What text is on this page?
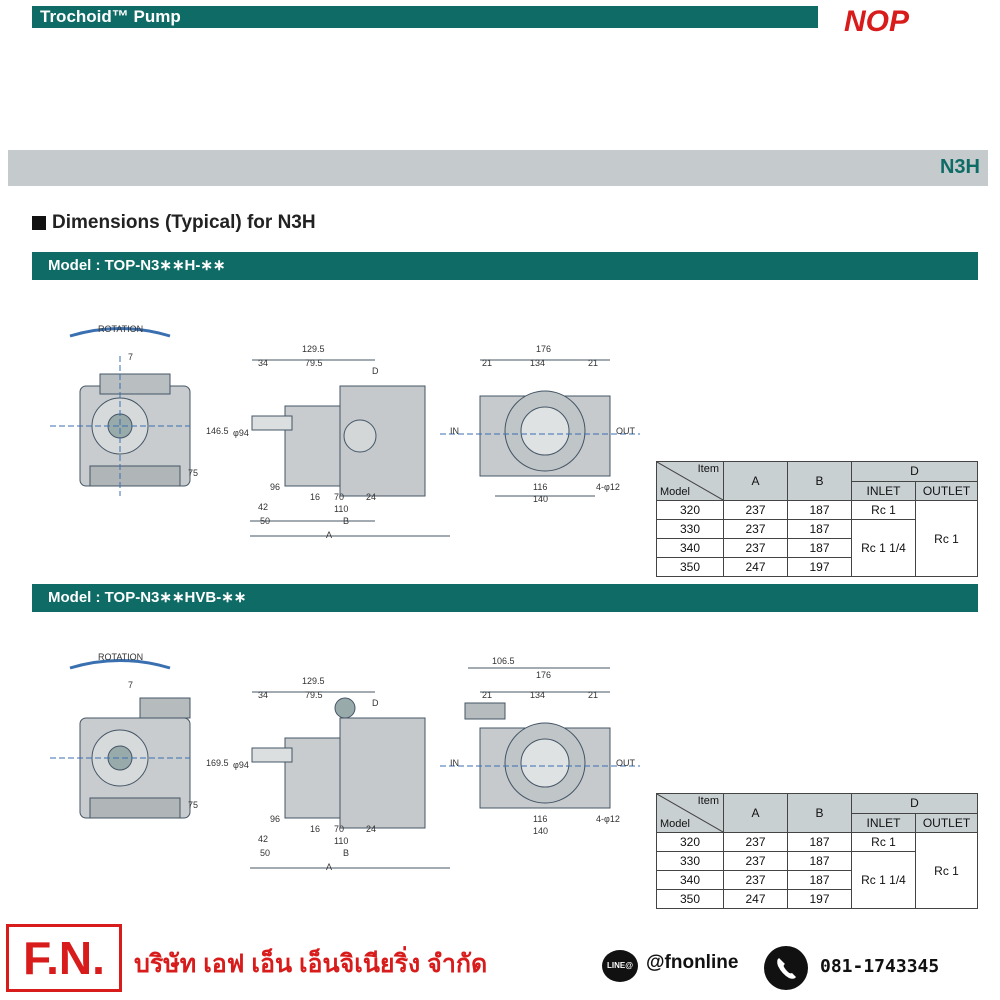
Trochoid™ Pump	NOP
N3H
Dimensions (Typical) for N3H
Model : TOP-N3∗∗H-∗∗
ROTATION
7
146.5
75
129.5
34	79.5
D
φ94
96
42
50
16 70 24
110
B
A
176
21	134	21
IN	OUT
116
140
4-φ12
Item
Model	A	B	D	
			INLET	OUTLET
320	237	187	Rc 1	Rc 1
330	237	187	Rc 1 1/4	
340	237	187		
350	247	197		
Model : TOP-N3∗∗HVB-∗∗
ROTATION
7
169.5
75
129.5
34	79.5
D
φ94
96
42
50
16 70 24
110
B
A
106.5
176
21	134	21
IN	OUT
116
140
4-φ12
Item
Model	A	B	D	
			INLET	OUTLET
320	237	187	Rc 1	Rc 1
330	237	187	Rc 1 1/4	
340	237	187		
350	247	197		
F.N.	บริษัท เอฟ เอ็น เอ็นจิเนียริ่ง จำกัด	LINE@ @fnonline	081-1743345
